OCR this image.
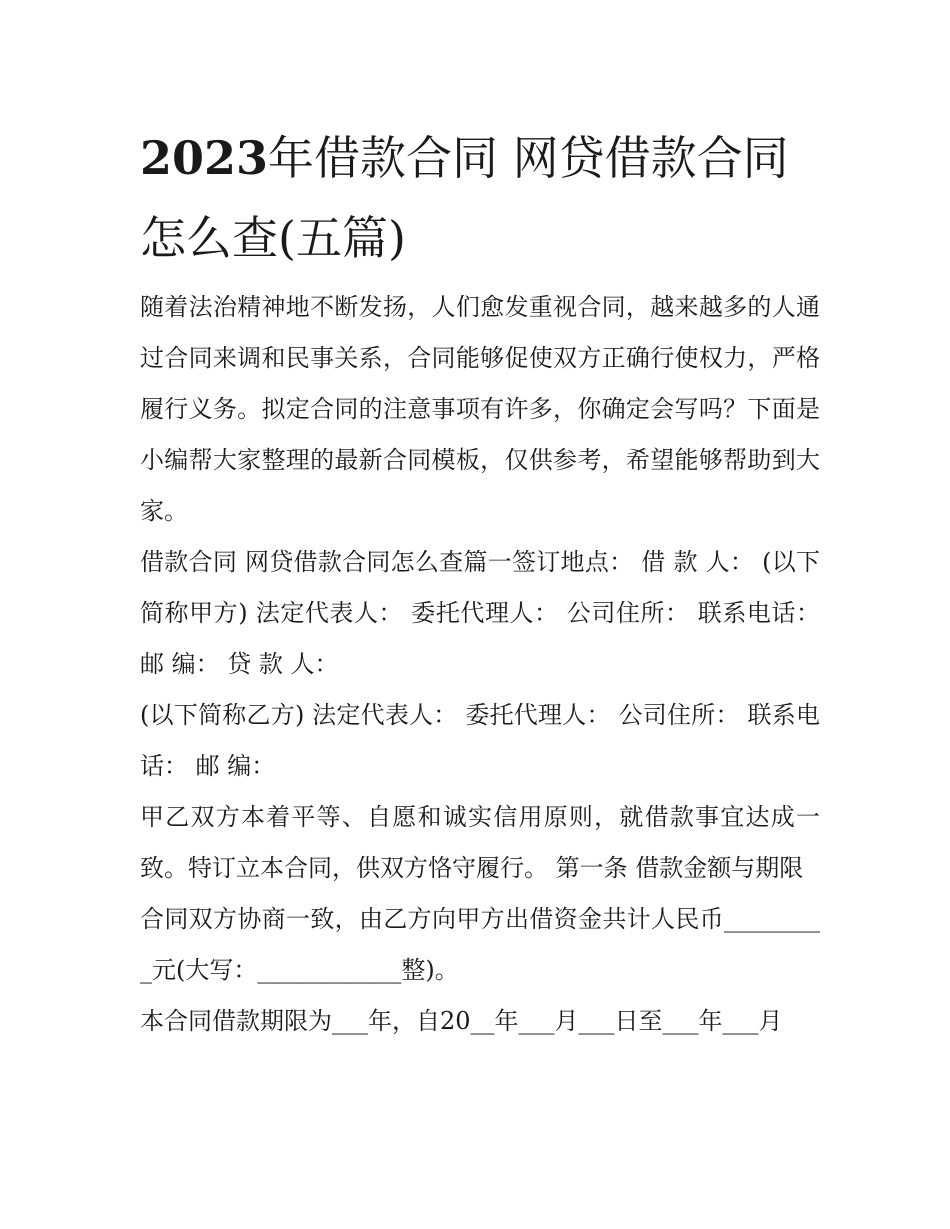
2023年借款合同 网贷借款合同怎么查(五篇)

随着法治精神地不断发扬，人们愈发重视合同，越来越多的人通过合同来调和民事关系，合同能够促使双方正确行使权力，严格履行义务。拟定合同的注意事项有许多，你确定会写吗？下面是小编帮大家整理的最新合同模板，仅供参考，希望能够帮助到大家。

借款合同 网贷借款合同怎么查篇一签订地点： 借 款 人： (以下简称甲方) 法定代表人： 委托代理人： 公司住所： 联系电话： 邮 编： 贷 款 人：

(以下简称乙方) 法定代表人： 委托代理人： 公司住所： 联系电话： 邮 编：

甲乙双方本着平等、自愿和诚实信用原则，就借款事宜达成一致。特订立本合同，供双方恪守履行。 第一条 借款金额与期限

合同双方协商一致，由乙方向甲方出借资金共计人民币_________元(大写：____________整)。

本合同借款期限为___年，自20__年___月___日至___年___月
